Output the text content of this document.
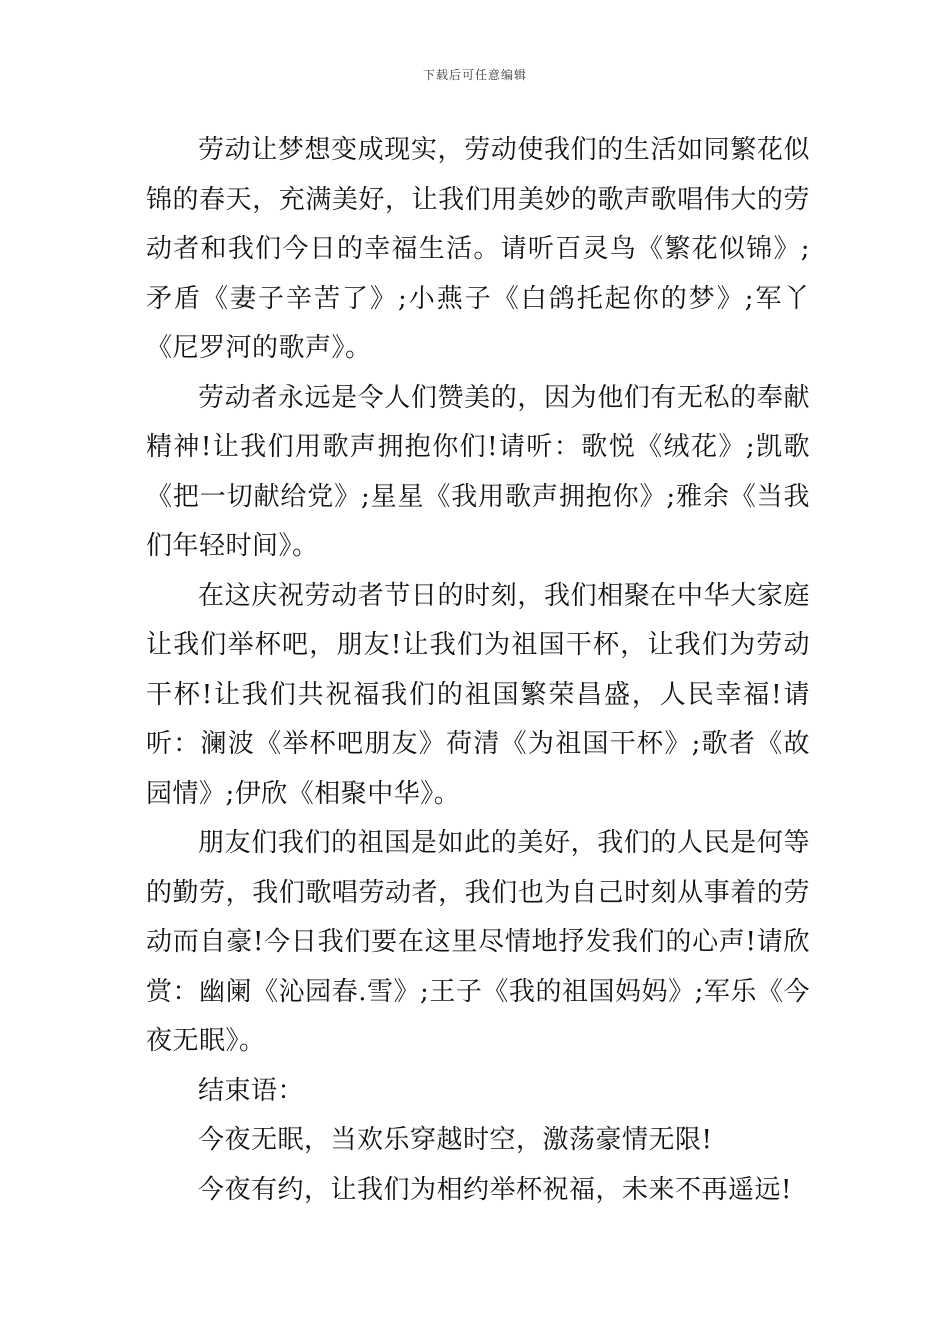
下载后可任意编辑

劳动让梦想变成现实，劳动使我们的生活如同繁花似锦的春天，充满美好，让我们用美妙的歌声歌唱伟大的劳动者和我们今日的幸福生活。请听百灵鸟《繁花似锦》;矛盾《妻子辛苦了》;小燕子《白鸽托起你的梦》;军丫《尼罗河的歌声》。

劳动者永远是令人们赞美的，因为他们有无私的奉献精神!让我们用歌声拥抱你们!请听：歌悦《绒花》;凯歌《把一切献给党》;星星《我用歌声拥抱你》;雅余《当我们年轻时间》。

在这庆祝劳动者节日的时刻，我们相聚在中华大家庭让我们举杯吧，朋友!让我们为祖国干杯，让我们为劳动干杯!让我们共祝福我们的祖国繁荣昌盛，人民幸福!请听：澜波《举杯吧朋友》荷清《为祖国干杯》;歌者《故园情》;伊欣《相聚中华》。

朋友们我们的祖国是如此的美好，我们的人民是何等的勤劳，我们歌唱劳动者，我们也为自己时刻从事着的劳动而自豪!今日我们要在这里尽情地抒发我们的心声!请欣赏：幽阑《沁园春.雪》;王子《我的祖国妈妈》;军乐《今夜无眠》。

结束语：

今夜无眠，当欢乐穿越时空，激荡豪情无限!

今夜有约，让我们为相约举杯祝福，未来不再遥远!
